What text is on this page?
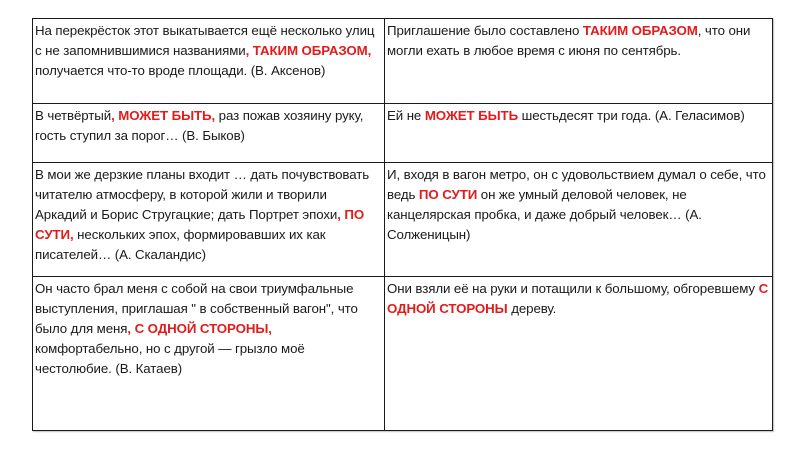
На перекрёсток этот выкатывается ещё несколько улиц с не запомнившимися названиями, ТАКИМ ОБРАЗОМ, получается что-то вроде площади. (В. Аксенов)	Приглашение было составлено ТАКИМ ОБРАЗОМ, что они могли ехать в любое время с июня по сентябрь.
В четвёртый, МОЖЕТ БЫТЬ, раз пожав хозяину руку, гость ступил за порог… (В. Быков)	Ей не МОЖЕТ БЫТЬ шестьдесят три года. (А. Геласимов)
В мои же дерзкие планы входит … дать почувствовать читателю атмосферу, в которой жили и творили Аркадий и Борис Стругацкие; дать Портрет эпохи, ПО СУТИ, нескольких эпох, формировавших их как писателей… (А. Скаландис)	И, входя в вагон метро, он с удовольствием думал о себе, что ведь ПО СУТИ он же умный деловой человек, не канцелярская пробка, и даже добрый человек… (А. Солженицын)
Он часто брал меня с собой на свои триумфальные выступления, приглашая " в собственный вагон", что было для меня, С ОДНОЙ СТОРОНЫ, комфортабельно, но с другой — грызло моё честолюбие. (В. Катаев)	Они взяли её на руки и потащили к большому, обгоревшему С ОДНОЙ СТОРОНЫ дереву.
